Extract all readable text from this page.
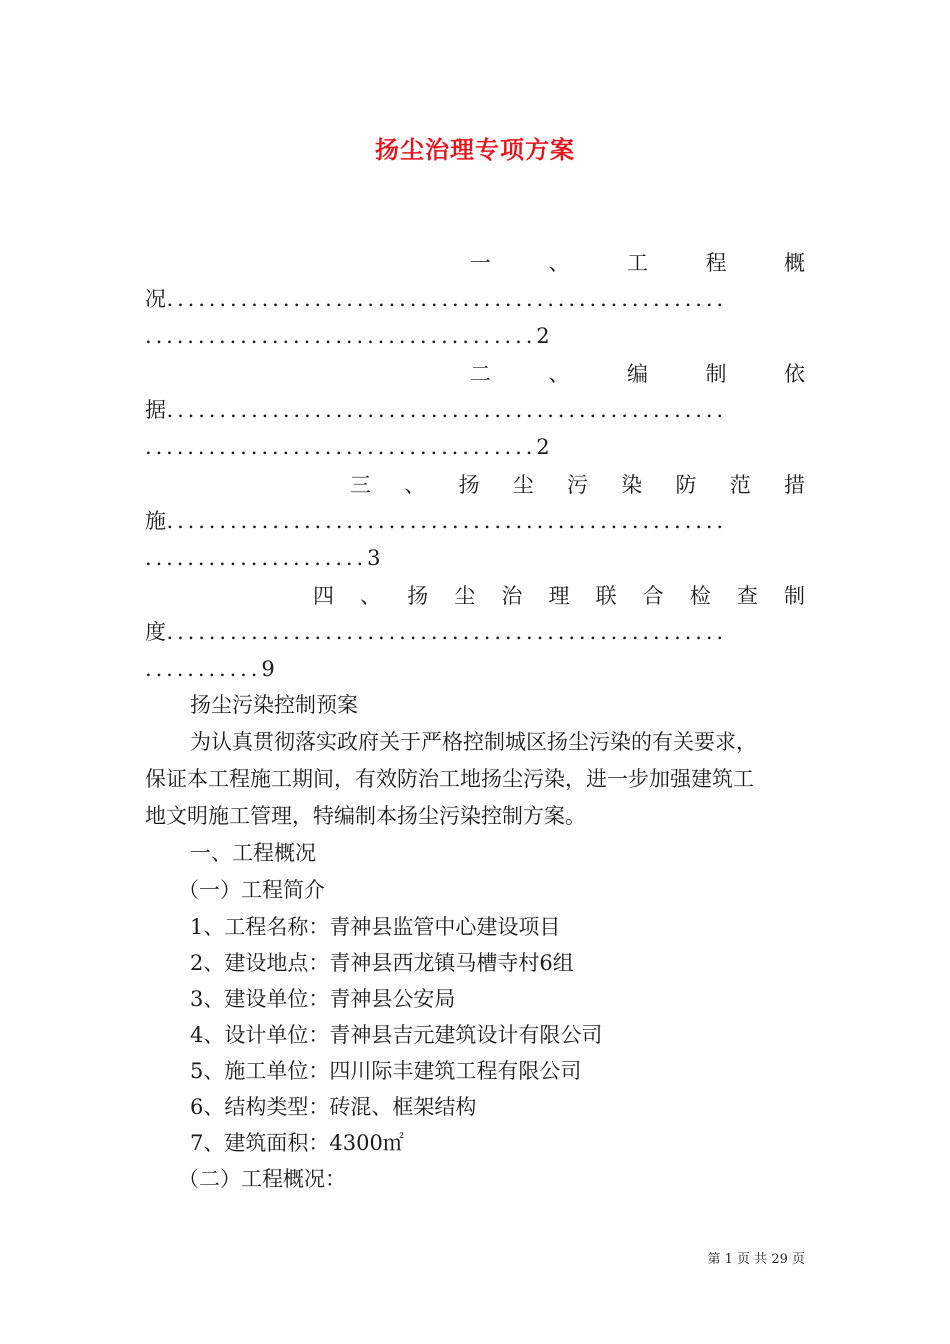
扬尘治理专项方案
一	、	工	程	概
况.....................................................
.....................................2
二	、	编	制	依
据.....................................................
.....................................2
三 、 扬 尘 污 染 防 范 措
施.....................................................
.....................3
四 、 扬 尘 治 理 联 合 检 查 制
度.....................................................
...........9
扬尘污染控制预案
为认真贯彻落实政府关于严格控制城区扬尘污染的有关要求，
保证本工程施工期间，有效防治工地扬尘污染，进一步加强建筑工
地文明施工管理，特编制本扬尘污染控制方案。
一、工程概况
（一）工程简介
1、工程名称：青神县监管中心建设项目
2、建设地点：青神县西龙镇马槽寺村6组
3、建设单位：青神县公安局
4、设计单位：青神县吉元建筑设计有限公司
5、施工单位：四川际丰建筑工程有限公司
6、结构类型：砖混、框架结构
7、建筑面积：4300㎡
（二）工程概况：
第 1 页 共 29 页
